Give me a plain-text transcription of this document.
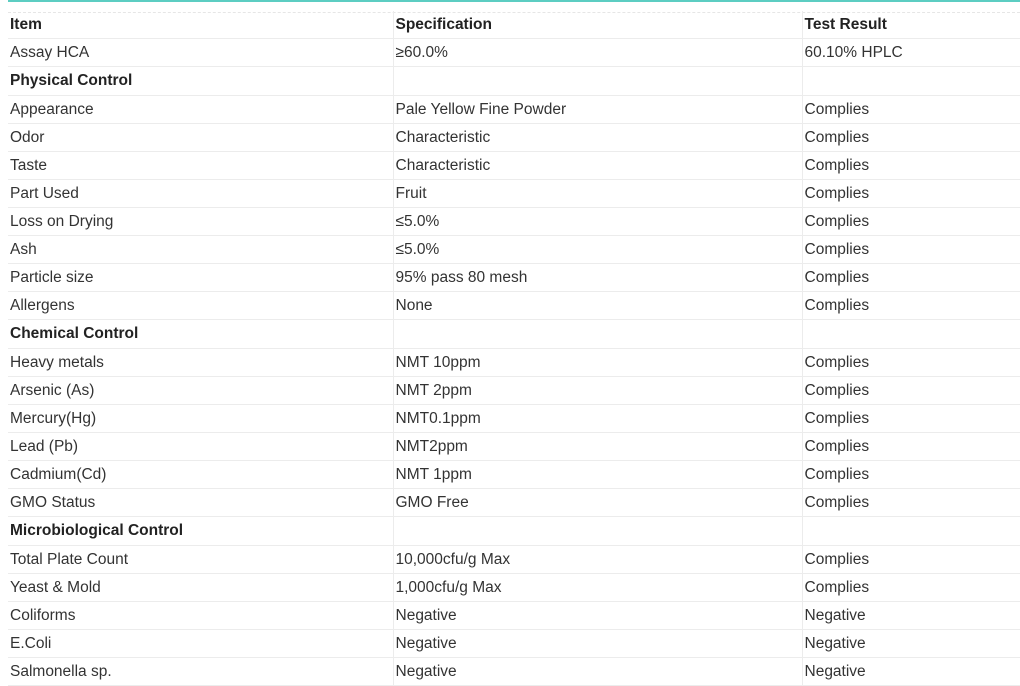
Item	Specification	Test Result
Assay HCA	≥60.0%	60.10% HPLC
Physical Control		
Appearance	Pale Yellow Fine Powder	Complies
Odor	Characteristic	Complies
Taste	Characteristic	Complies
Part Used	Fruit	Complies
Loss on Drying	≤5.0%	Complies
Ash	≤5.0%	Complies
Particle size	95% pass 80 mesh	Complies
Allergens	None	Complies
Chemical Control		
Heavy metals	NMT 10ppm	Complies
Arsenic (As)	NMT 2ppm	Complies
Mercury(Hg)	NMT0.1ppm	Complies
Lead (Pb)	NMT2ppm	Complies
Cadmium(Cd)	NMT 1ppm	Complies
GMO Status	GMO Free	Complies
Microbiological Control		
Total Plate Count	10,000cfu/g Max	Complies
Yeast & Mold	1,000cfu/g Max	Complies
Coliforms	Negative	Negative
E.Coli	Negative	Negative
Salmonella sp.	Negative	Negative
